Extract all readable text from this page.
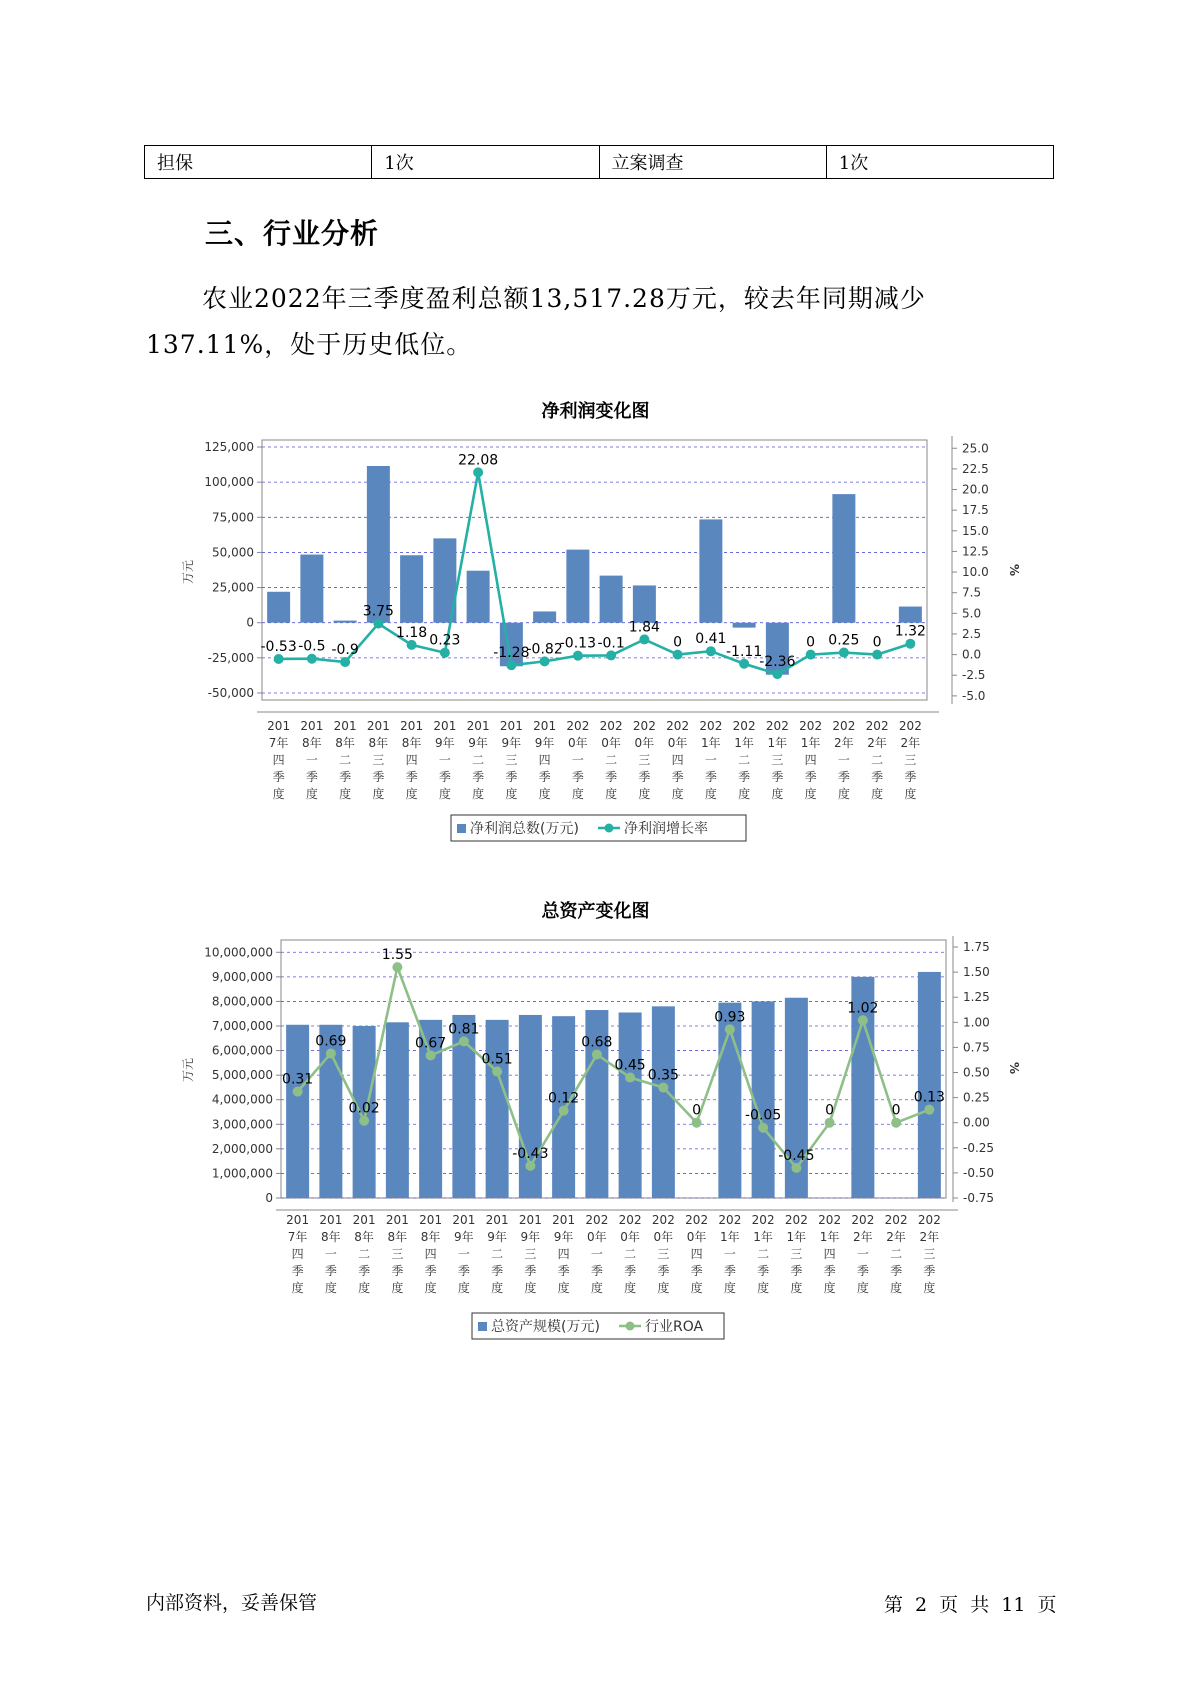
担保	1次	立案调查	1次
三、行业分析

农业2022年三季度盈利总额13,517.28万元，较去年同期减少137.11%，处于历史低位。

净利润变化图
-50,000
-25,000
0
25,000
50,000
75,000
100,000
125,000
-5.0
-2.5
0.0
2.5
5.0
7.5
10.0
12.5
15.0
17.5
20.0
22.5
25.0
万元	%
-0.53 -0.5 -0.9
3.75
1.18 0.23
22.08
-1.28
-0.82
-0.13 -0.1
1.84
0 0.41
-1.11
-2.36
0 0.25 0
1.32
201
7年
四
季
度
201
8年
一
季
度
201
8年
二
季
度
201
8年
三
季
度
201
8年
四
季
度
201
9年
一
季
度
201
9年
二
季
度
201
9年
三
季
度
201
9年
四
季
度
202
0年
一
季
度
202
0年
二
季
度
202
0年
三
季
度
202
0年
四
季
度
202
1年
一
季
度
202
1年
二
季
度
202
1年
三
季
度
202
1年
四
季
度
202
2年
一
季
度
202
2年
二
季
度
202
2年
三
季
度
净利润总数(万元)	净利润增长率
总资产变化图
0
1,000,000
2,000,000
3,000,000
4,000,000
5,000,000
6,000,000
7,000,000
8,000,000
9,000,000
10,000,000
-0.75
-0.50
-0.25
0.00
0.25
0.50
0.75
1.00
1.25
1.50
1.75
万元	%
0.31
0.69
0.02
1.55
0.67
0.81
0.51
-0.43
0.12
0.68
0.45
0.35
0
0.93
-0.05
-0.45
0
1.02
0
0.13
201
7年
四
季
度
201
8年
一
季
度
201
8年
二
季
度
201
8年
三
季
度
201
8年
四
季
度
201
9年
一
季
度
201
9年
二
季
度
201
9年
三
季
度
201
9年
四
季
度
202
0年
一
季
度
202
0年
二
季
度
202
0年
三
季
度
202
0年
四
季
度
202
1年
一
季
度
202
1年
二
季
度
202
1年
三
季
度
202
1年
四
季
度
202
2年
一
季
度
202
2年
二
季
度
202
2年
三
季
度
总资产规模(万元)	行业ROA
内部资料，妥善保管	第 2 页 共 11 页
